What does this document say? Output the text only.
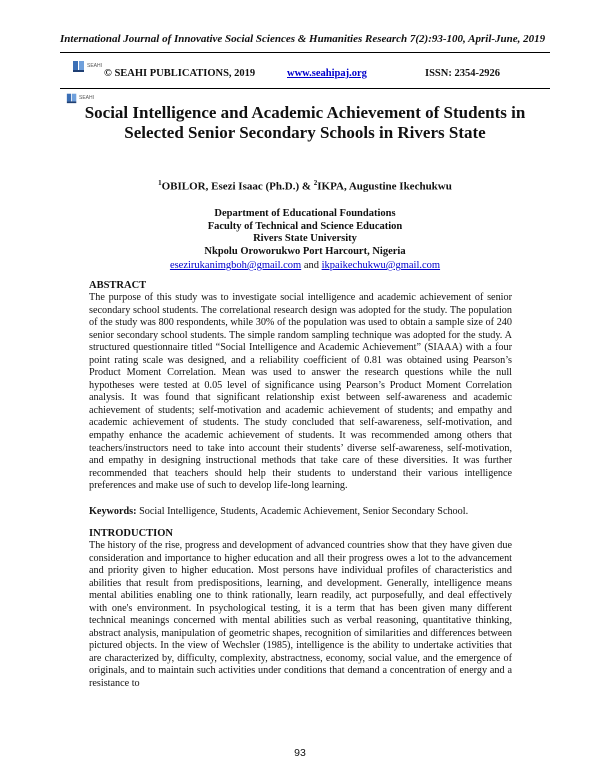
International Journal of Innovative Social Sciences & Humanities Research 7(2):93-100, April-June, 2019
SEAHI
© SEAHI PUBLICATIONS, 2019	www.seahipaj.org	ISSN: 2354-2926
SEAHI
Social Intelligence and Academic Achievement of Students in Selected Senior Secondary Schools in Rivers State
$^1$OBILOR, Esezi Isaac (Ph.D.) & $^2$IKPA, Augustine Ikechukwu
Department of Educational Foundations
Faculty of Technical and Science Education
Rivers State University
Nkpolu Oroworukwo Port Harcourt, Nigeria
esezirukanimgboh@gmail.com and ikpaikechukwu@gmail.com
ABSTRACT
The purpose of this study was to investigate social intelligence and academic achievement of senior secondary school students. The correlational research design was adopted for the study. The population of the study was 800 respondents, while 30% of the population was used to obtain a sample size of 240 senior secondary school students. The simple random sampling technique was adopted for the study. A structured questionnaire titled “Social Intelligence and Academic Achievement” (SIAAA) with a four point rating scale was designed, and a reliability coefficient of 0.81 was obtained using Pearson’s Product Moment Correlation. Mean was used to answer the research questions while the null hypotheses were tested at 0.05 level of significance using Pearson’s Product Moment Correlation analysis. It was found that significant relationship exist between self-awareness and academic achievement of students; self-motivation and academic achievement of students; and empathy and academic achievement of students. The study concluded that self-awareness, self-motivation, and empathy enhance the academic achievement of students. It was recommended among others that teachers/instructors need to take into account their students’ diverse self-awareness, self-motivation, and empathy in designing instructional methods that take care of these diversities. It was further recommended that teachers should help their students to understand their various intelligence preferences and make use of such to develop life-long learning.
Keywords: Social Intelligence, Students, Academic Achievement, Senior Secondary School.
INTRODUCTION
The history of the rise, progress and development of advanced countries show that they have given due consideration and importance to higher education and all their progress owes a lot to the advancement and priority given to higher education. Most persons have individual profiles of characteristics and abilities that result from predispositions, learning, and development. Generally, intelligence means mental abilities enabling one to think rationally, learn readily, act purposefully, and deal effectively with one's environment. In psychological testing, it is a term that has been given many different technical meanings concerned with mental abilities such as verbal reasoning, quantitative thinking, abstract analysis, manipulation of geometric shapes, recognition of similarities and differences between pictured objects. In the view of Wechsler (1985), intelligence is the ability to undertake activities that are characterized by, difficulty, complexity, abstractness, economy, social value, and the emergence of originals, and to maintain such activities under conditions that demand a concentration of energy and a resistance to
93
